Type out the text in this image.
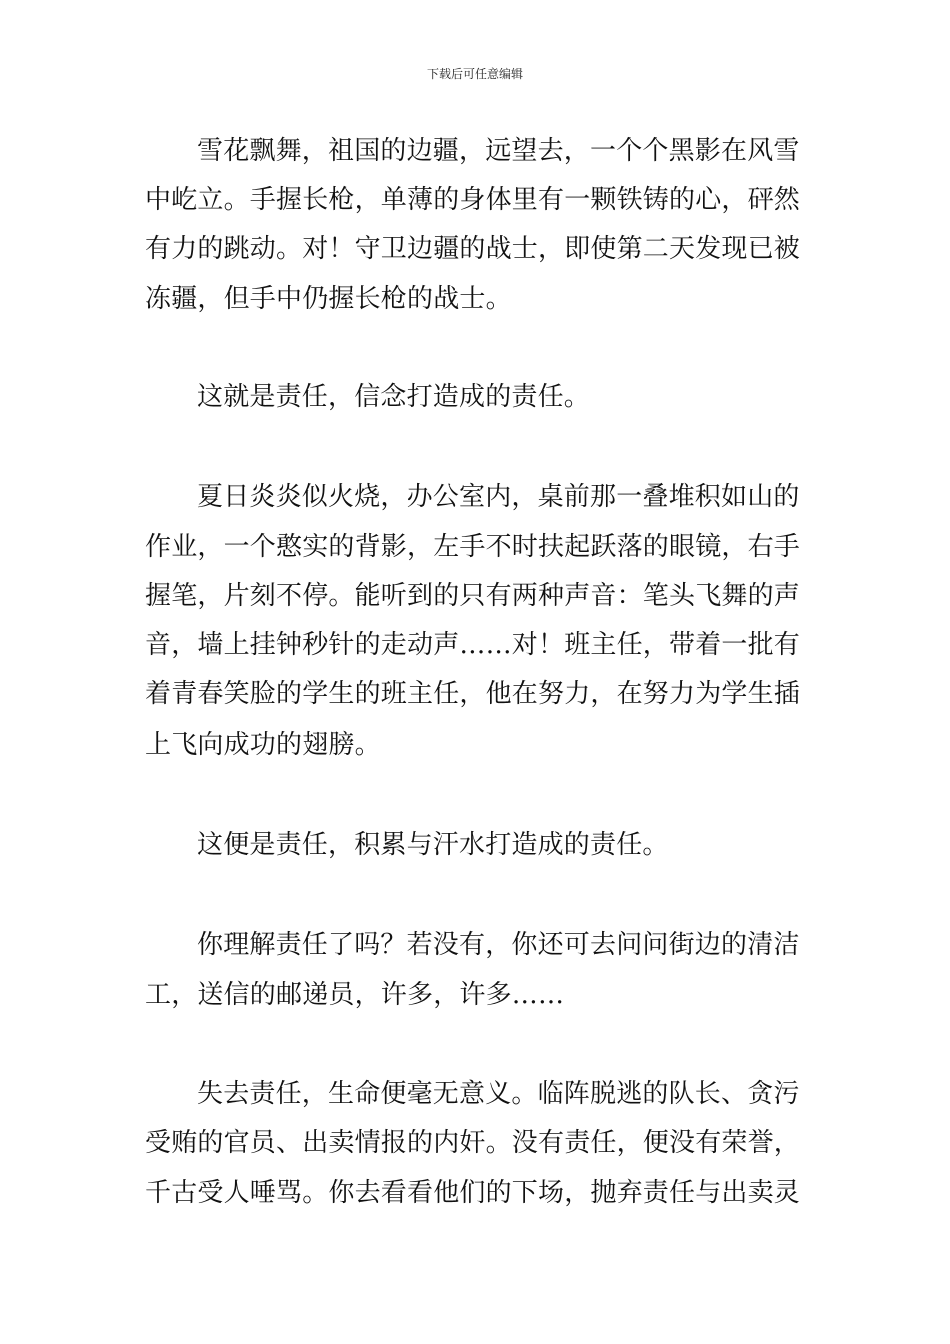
下载后可任意编辑
雪花飘舞，祖国的边疆，远望去，一个个黑影在风雪
中屹立。手握长枪，单薄的身体里有一颗铁铸的心，砰然
有力的跳动。对！守卫边疆的战士，即使第二天发现已被
冻疆，但手中仍握长枪的战士。
这就是责任，信念打造成的责任。
夏日炎炎似火烧，办公室内，桌前那一叠堆积如山的
作业，一个憨实的背影，左手不时扶起跃落的眼镜，右手
握笔，片刻不停。能听到的只有两种声音：笔头飞舞的声
音，墙上挂钟秒针的走动声……对！班主任，带着一批有
着青春笑脸的学生的班主任，他在努力，在努力为学生插
上飞向成功的翅膀。
这便是责任，积累与汗水打造成的责任。
你理解责任了吗？若没有，你还可去问问街边的清洁
工，送信的邮递员，许多，许多……
失去责任，生命便毫无意义。临阵脱逃的队长、贪污
受贿的官员、出卖情报的内奸。没有责任，便没有荣誉，
千古受人唾骂。你去看看他们的下场，抛弃责任与出卖灵
